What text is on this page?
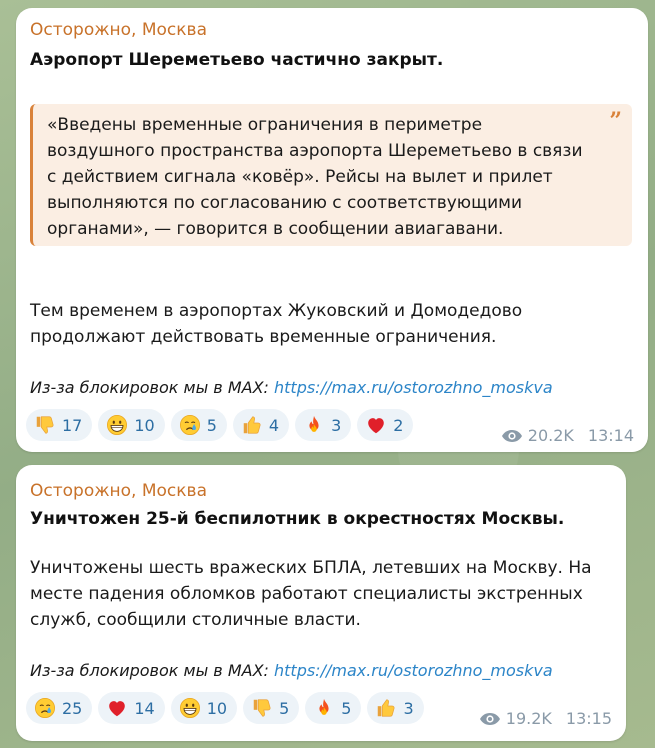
Осторожно, Москва
Аэропорт Шереметьево частично закрыт.
«Введены временные ограничения в периметре
воздушного пространства аэропорта Шереметьево в связи
с действием сигнала «ковёр». Рейсы на вылет и прилет
выполняются по согласованию с соответствующими
органами», — говорится в сообщении авиагавани.
”
Тем временем в аэропортах Жуковский и Домодедово
продолжают действовать временные ограничения.
Из-за блокировок мы в MAX: https://max.ru/ostorozhno_moskva
17	10	5	4	3	2
20.2K 13:14
Осторожно, Москва
Уничтожен 25-й беспилотник в окрестностях Москвы.
Уничтожены шесть вражеских БПЛА, летевших на Москву. На
месте падения обломков работают специалисты экстренных
служб, сообщили столичные власти.
Из-за блокировок мы в MAX: https://max.ru/ostorozhno_moskva
25	14	10	5	5	3
19.2K 13:15
